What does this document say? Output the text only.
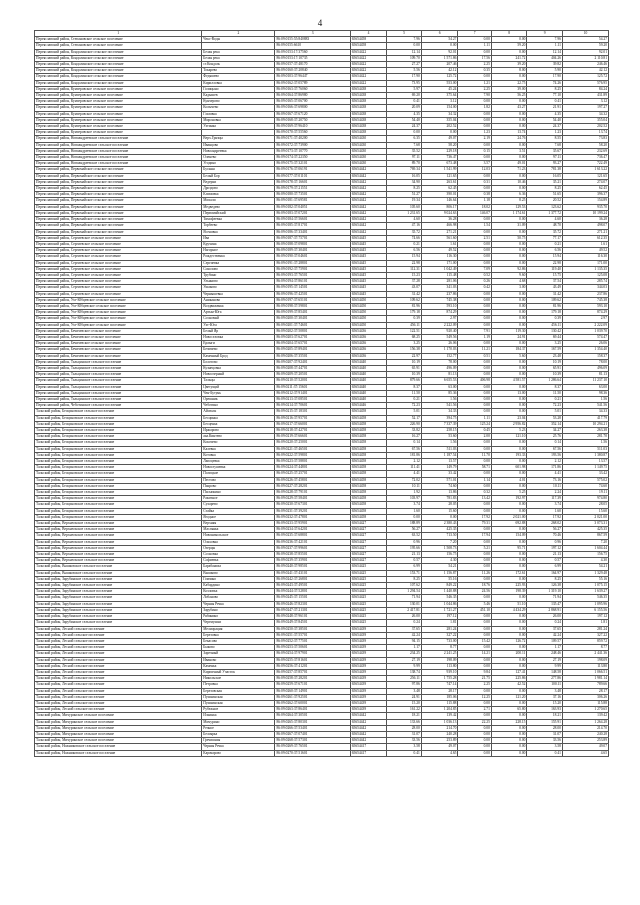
4
1	2	3	4	5	6	7	8	9	10
Переяславский район, Степановское сельское поселение	Чекс-Воды	86:09:0155:55:840883	65654458	7.96	54.27	0.00	0.00	7.96	54.27
Переяславский район, Степановское сельское поселение		86:09:0155:6610	65654458	0.00	0.00	1.11	59.20	1.11	59.20
Переяславский район, Кондолинское сельское поселение	Белая река	86:09:0153:17:37560	65654422	12.14	92.01	0.00	0.00	12.14	92.01
Переяславский район, Кондолинское сельское поселение	Белая река	86:09:0153:17:10735	65654422	109.70	1 571.86	17.56	241.72	404.26	2 110.81
Переяславский район, Кондолинское сельское поселение	ст.Кондоль	86:09:0157:37:48170	65654422	27.27	207.46	2.25	39.20	39.82	246.46
Переяславский район, Кондолинское сельское поселение	Токарево	86:09:0160:37:20840	65654422	5.56	42.12	0.35	8.00	5.90	42.12
Переяславский район, Кондолинское сельское поселение	Федяшево	86:09:0103:37:96447	65654422	17.90	125.72	0.00	0.00	17.90	125.72
Переяславский район, Кондолинское сельское поселение	Кирилловка	86:09:0162:37:05789	65654422	73.95	553.00	1.21	22.75	74.26	576.95
Переяславский район, Кунчеровское сельское поселение	Голицыно	86:09:0163:37:76060	65654438	5.97	45.24	2.25	39.00	8.25	84.24
Переяславский район, Кунчеровское сельское поселение	Кадышев	86:09:0164:37:86980	65654438	69.20	375.64	7.90	56.25	77.10	431.89
Переяславский район, Кунчеровское сельское поселение	Кунчерово	86:09:0165:37:06700	65654438	0.41	3.12	0.00	0.00	0.41	3.12
Переяславский район, Кунчеровское сельское поселение	Колычево	86:09:0166:37:69800	65654438	20.09	154.00	1.82	43.27	21.91	197.27
Переяславский район, Кунчеровское сельское поселение	Глазовка	86:09:0167:37:67120	65654438	4.35	34.32	0.00	0.00	4.35	34.32
Переяславский район, Кунчеровское сельское поселение	Мироновка	86:09:0168:37:20750	65654438	54.40	355.04	0.00	0.00	54.40	355.04
Переяславский район, Кунчеровское сельское поселение	Ухтинка	86:09:0169:37:96410	65654438	24.37	202.52	0.00	0.00	24.37	202.52
Переяславский район, Кунчеровское сельское поселение		86:09:0170:37:55560	65654438	0.00	0.00	1.23	13.74	1.23	13.74
Переяславский район, Новоандреевское сельское поселение	Верх.Грязцы	86:09:0171:37:40200	65654430	6.35	49.07	2.19	24.76	8.55	73.83
Переяславский район, Новоандреевское сельское поселение	Иванцово	86:09:0172:37:73900	65654430	7.68	58.20	0.00	0.00	7.68	58.20
Переяславский район, Новоандреевское сельское поселение	Новоандреевка	86:09:0173:37:10770	65654430	35.52	229.18	0.15	3.51	35.67	232.69
Переяславский район, Новоандреевское сельское поселение	Оленево	86:09:0174:37:22350	65654430	97.11	736.47	0.00	0.00	97.11	736.47
Переяславский район, Новоандреевское сельское поселение	Угодино	86:09:0175:37:32101	65654430	89.70	673.48	3.57	49.01	93.27	722.49
Переяславский район, Первомайское сельское поселение	Бусыня	86:09:0176:37:06191	65654442	769.34	1 541.99	12.03	71.23	781.38	1 613.22
Переяславский район, Первомайское сельское поселение	Белый Бор	86:09:0177:37:01101	65654442	16.05	121.65	0.00	0.00	16.05	121.65
Переяславский район, Первомайское сельское поселение	Ведерки	86:09:0178:37:16601	65654442	34.90	263.61	0.31	10.46	35.21	274.07
Переяславский район, Первомайское сельское поселение	Дроздово	86:09:0179:37:21551	65654442	8.25	62.45	0.00	0.00	8.25	62.45
Переяславский район, Первомайское сельское поселение	Климовка	86:09:0180:37:73501	65654442	51.27	390.01	0.38	6.36	51.65	396.37
Переяславский район, Первомайское сельское поселение	Михали	86:09:0181:37:69581	65654442	19.34	146.64	1.18	8.25	20.52	154.89
Переяславский район, Первомайское сельское поселение	Медведево	86:09:0182:37:04051	65654442	105.60	806.17	18.02	129.53	123.62	935.70
Переяславский район, Первомайское сельское поселение	Первомайский	86:09:0183:37:07201	65654442	1 231.65	9 024.63	146.07	1 174.61	1 377.72	10 199.24
Переяславский район, Первомайское сельское поселение	Тимофеевка	86:09:0184:37:56601	65654442	4.60	36.28	0.00	0.00	4.60	36.28
Переяславский район, Первомайское сельское поселение	Торбеево	86:09:0185:37:81701	65654442	47.16	466.98	1.54	31.09	48.70	498.07
Переяславский район, Первомайское сельское поселение	Ясеновка	86:09:0186:37:33401	65654442	35.72	271.21	0.00	0.00	35.72	271.21
Переяславский район, Сергиевское сельское поселение	Ива	86:09:0187:37:75701	65654445	74.66	561.60	2.51	50.75	77.17	612.35
Переяславский район, Сергиевское сельское поселение	Кручина	86:09:0188:37:09801	65654445	0.21	1.61	0.00	0.00	0.21	1.61
Переяславский район, Сергиевское сельское поселение	Нагорное	86:09:0189:37:30401	65654445	6.56	49.52	0.00	0.00	6.56	49.52
Переяславский район, Сергиевское сельское поселение	Рождественка	86:09:0190:37:04601	65654445	15.94	116.30	0.00	0.00	15.94	116.30
Переяславский район, Сергиевское сельское поселение	Сергиевка	86:09:0191:37:28801	65654445	22.98	171.00	0.00	0.00	22.98	171.00
Переяславский район, Сергиевское сельское поселение	Соколово	86:09:0192:37:75901	65654445	112.31	1 042.49	7.09	92.86	119.40	1 135.35
Переяславский район, Сергиевское сельское поселение	Трубино	86:09:0193:37:76501	65654445	15.23	115.48	0.52	9.60	15.75	125.08
Переяславский район, Сергиевское сельское поселение	Ульяново	86:09:0194:37:86101	65654445	37.28	281.06	0.26	4.68	37.54	285.74
Переяславский район, Сергиевское сельское поселение	Ушаково	86:09:0195:37:14501	65654445	43.07	341.03	0.42	3.00	43.49	344.03
Переяславский район, Сергиевское сельское поселение	Чернышевка	86:09:0196:37:42501	65654445	31.42	237.86	0.00	0.00	31.42	237.86
Переяславский район, Ухт-Юбцевское сельское поселение	Аниканово	86:09:0197:37:65101	65654450	109.62	745.38	0.00	0.00	109.62	745.38
Переяславский район, Ухт-Юбцевское сельское поселение	Воздвиженка	86:09:0198:37:59801	65654450	81.96	593.10	0.00	0.00	81.96	593.10
Переяславский район, Ухт-Юбцевское сельское поселение	Артын-Юга	86:09:0199:37:85401	65654450	179.18	874.29	0.00	0.00	179.18	874.29
Переяславский район, Ухт-Юбцевское сельское поселение	Сосновый	86:09:0200:37:30401	65654450	0.39	2.97	0.00	0.00	0.39	2.97
Переяславский район, Ухт-Юбцевское сельское поселение	Ухт-Юга	86:09:0201:37:74601	65654450	456.11	2 222.09	0.00	0.00	456.11	2 222.09
Переяславский район, Бечичевское сельское поселение	Белый Яр	86:09:0202:37:50801	65654436	122.51	920.40	7.91	119.30	130.42	1 039.70
Переяславский район, Бечичевское сельское поселение	Новоселовка	86:09:0203:37:62701	65654436	68.25	549.56	1.19	24.91	69.44	574.47
Переяславский район, Бечичевское сельское поселение	Ерлыги	86:09:0204:37:65701	65654436	3.25	26.06	0.00	0.00	3.25	26.06
Переяславский район, Бечичевское сельское поселение	Бечичево	86:09:0205:37:89401	65654436	156.38	1 170.03	11.21	184.37	167.59	1 354.40
Переяславский район, Бечичевское сельское поселение	Каменный Брод	86:09:0206:37:35501	65654436	22.97	152.77	0.51	5.60	23.48	158.37
Переяславский район, Тальцинское сельское поселение	Болотово	86:09:0207:37:92401	65654440	10.19	78.00	0.00	0.00	10.19	78.00
Переяславский район, Тальцинское сельское поселение	Кузнецовка	86:09:0208:37:44701	65654440	65.91	496.09	0.00	0.00	65.91	496.09
Переяславский район, Тальцинское сельское поселение	Новоозерный	86:09:0209:37:20501	65654440	10.39	81.13	0.00	0.00	10.39	81.13
Переяславский район, Тальцинское сельское поселение	Тальцы	86:09:0210:37:52001	65654440	879.66	6 655.53	406.98	4 581.57	1 286.64	11 237.10
Переяславский район, Тальцинское сельское поселение	Цветущий	86:09:0211:37:15601	65654440	8.37	63.00	0.00	0.00	8.37	63.00
Переяславский район, Тальцинское сельское поселение	Чен-Бутунь	86:09:0212:37:91401	65654440	11.50	85.36	0.00	13.00	11.50	98.36
Переяславский район, Тальцинское сельское поселение	Орешник	86:09:0213:37:08501	65654440	0.21	1.56	0.00	0.00	0.21	1.56
Переяславский район, Чеботинское сельское поселение	Чеботино	86:09:0214:37:70601	65654446	72.23	541.56	0.00	0.00	72.23	541.56
Тальский район, Бесциновское сельское поселение	Айсвалк	86:09:0215:37:18301	65654458	5.01	34.33	0.00	0.00	5.01	34.33
Тальский район, Бесциновское сельское поселение	Бесцинка	86:09:0216:37:95701	65654458	52.17	394.75	1.11	23.04	53.28	417.79
Тальский район, Бесциновское сельское поселение	Бесценка	86:09:0217:37:66001	65654458	226.90	7 337.39	125.24	2 956.82	352.14	10 294.21
Тальский район, Бесциновское сельское поселение	Иржарово	86:09:0218:37:42701	65654458	33.82	258.15	0.45	5.23	34.27	263.38
Тальский район, Бесциновское сельское поселение	ааа.Кинтево	86:09:0219:37:66601	65654458	16.27	53.60	2.00	121.10	25.76	281.70
Тальский район, Бесциновское сельское поселение	Кокочево	86:09:0220:37:25001	65654458	0.14	1.56	0.00	0.00	0.14	1.56
Тальский район, Бесциновское сельское поселение	Калевка	86:09:0221:37:46501	65654458	67.56	511.03	0.00	0.00	67.56	511.03
Тальский район, Бесциновское сельское поселение	Котовка	86:09:0222:37:59801	65654458	181.86	1 187.54	11.70	193.33	193.56	1 380.87
Тальский район, Бесциновское сельское поселение	Лапоцевка	86:09:0223:37:58801	65654458	2.12	13.57	0.00	0.00	2.12	13.57
Тальский район, Бесциновское сельское поселение	Новоглушевка	86:09:0224:37:44801	65654458	111.41	149.79	58.71	601.98	171.86	1 149.75
Тальский район, Бесциновское сельское поселение	Полоцкое	86:09:0225:37:25701	65654458	4.41	33.42	0.00	0.00	4.41	33.42
Тальский район, Бесциновское сельское поселение	Пестово	86:09:0226:37:45801	65654458	72.02	571.01	1.14	4.01	73.16	575.02
Тальский район, Бесциновское сельское поселение	Пакрово	86:09:0227:37:28201	65654458	10.11	74.60	0.00	0.00	10.11	74.60
Тальский район, Бесциновское сельское поселение	Пасыпкино	86:09:0228:37:79101	65654458	1.92	13.86	0.32	5.25	2.24	19.11
Тальский район, Бесциновское сельское поселение	Ракитное	86:09:0229:37:58401	65654458	103.97	781.83	13.42	192.97	117.39	974.80
Тальский район, Бесциновское сельское поселение	Сухарево	86:09:0230:37:67301	65654458	3.74	28.05	0.00	0.00	3.74	28.05
Тальский район, Бесциновское сельское поселение	Стайка	86:09:0231:37:39201	65654458	1.60	15.60	0.00	0.00	1.60	15.60
Тальский район, Бесциновское сельское поселение	Ягодное	86:09:0232:37:47801	65654458	0.00	0.00	17.92	2 021.00	17.92	2 021.00
Тальский район, Верхнеокское сельское поселение	Верхняя	86:09:0233:37:95901	65654427	188.89	2 380.43	79.31	692.88	268.02	3 073.31
Тальский район, Верхнеокское сельское поселение	Маслянка	86:09:0234:37:64201	65654427	56.27	425.35	0.00	0.00	56.27	425.35
Тальский район, Верхнеокское сельское поселение	Новоникольское	86:09:0235:37:68801	65654427	63.52	713.50	17.94	154.09	70.46	867.59
Тальский район, Верхнеокское сельское поселение	Ольховка	86:09:0236:37:42101	65654427	0.96	7.20	0.00	0.00	0.96	7.20
Тальский район, Верхнеокское сельское поселение	Озерцы	86:09:0237:37:99601	65654427	195.66	1 508.73	5.21	95.71	197.12	1 604.44
Тальский район, Верхнеокское сельское поселение	Сосновка	86:09:0238:37:85501	65654427	21.13	156.75	0.00	0.00	21.13	156.75
Тальский район, Верхнеокское сельское поселение	Софиевка	86:09:0239:37:35901	65654427	0.57	4.30	0.00	0.00	0.57	4.30
Тальский район, Вышковское сельское поселение	Барабаниха	86:09:0240:37:98501	65654425	6.99	54.21	0.00	0.00	6.99	54.21
Тальский район, Вышковское сельское поселение	Вышково	86:09:0241:37:43101	65654425	153.71	1 156.87	11.26	172.61	164.97	1 329.48
Тальский район, Зарубинское сельское поселение	Гомзино	86:09:0242:37:26801	65654425	8.25	55.16	0.00	0.00	8.25	55.16
Тальский район, Зарубинское сельское поселение	Кабардино	86:09:0243:37:49501	65654425	107.62	849.22	18.76	225.93	126.38	1 075.15
Тальский район, Зарубинское сельское поселение	Козловка	86:09:0244:37:52801	65654425	1 294.54	1 440.88	24.56	198.39	1 319.10	1 639.27
Тальский район, Зарубинское сельское поселение	Лобаново	86:09:0245:37:15501	65654425	71.94	546.35	0.00	0.00	71.94	546.35
Тальский район, Зарубинское сельское поселение	Черная Речка	86:09:0246:37:82301	65654425	130.01	1 044.86	5.46	51.10	135.47	1 095.96
Тальский район, Зарубинское сельское поселение	Зарубино	86:09:0247:37:21301	65654425	2 417.81	1 721.27	451.10	4 434.29	2 868.91	6 155.56
Тальский район, Зарубинское сельское поселение	Рябинино	86:09:0248:37:96101	65654425	26.00	197.12	0.00	0.00	26.00	197.12
Тальский район, Зарубинское сельское поселение	Черемушки	86:09:0249:37:84501	65654425	0.24	1.81	0.00	0.00	0.24	1.81
Тальский район, Лесной сельское поселение	Мелиорация	86:09:0250:37:38501	65654439	37.65	281.24	0.00	0.00	37.65	281.24
Тальский район, Лесной сельское поселение	Березовка	86:09:0251:37:55701	65654439	42.24	327.22	0.00	0.00	42.24	327.22
Тальский район, Лесной сельское поселение	Бекасово	86:09:0252:37:77501	65654439	94.15	733.00	15.42	126.72	109.57	859.72
Тальский район, Лесной сельское поселение	Быково	86:09:0253:37:50601	65654439	1.17	8.77	0.00	0.00	1.17	8.77
Тальский район, Лесной сельское поселение	Заречный	86:09:0254:37:97901	65654439	234.25	2 241.25	14.21	200.11	248.46	2 441.36
Тальский район, Лесной сельское поселение	Иваново	86:09:0255:37:81601	65654439	27.19	198.09	0.00	0.00	27.19	198.09
Тальский район, Лесной сельское поселение	Каменка	86:09:0256:37:41201	65654439	9.99	113.80	0.00	0.00	9.99	113.80
Тальский район, Лесной сельское поселение	Кирпичный Участок	86:09:0257:37:85701	65654439	138.74	939.10	9.84	127.41	148.58	1 066.51
Тальский район, Лесной сельское поселение	Никольское	86:09:0258:37:28201	65654439	256.11	1 755.28	21.75	225.86	277.86	1 981.14
Тальский район, Лесной сельское поселение	Петровка	86:09:0259:37:67101	65654439	97.86	747.14	2.25	42.52	100.11	789.66
Тальский район, Лесной сельское поселение	Березовская	86:09:0260:37:14901	65654439	3.48	28.17	0.00	0.00	3.48	28.17
Тальский район, Лесной сельское поселение	Пушкинская	86:09:0261:37:92501	65654439	24.91	185.06	12.25	121.20	37.16	306.26
Тальский район, Лесной сельское поселение	Пушкинская	86:09:0262:37:60001	65654439	15.20	115.88	0.00	0.00	15.20	115.88
Тальский район, Лесной сельское поселение	Рубежное	86:09:0263:37:86401	65654439	161.22	1 204.85	2.71	65.80	163.93	1 270.65
Тальский район, Мичуринское сельское поселение	Ильинка	86:09:0264:37:30501	65654442	18.21	139.42	0.00	0.00	18.21	139.42
Тальский район, Мичуринское сельское поселение	Мичурино	86:09:0265:37:80301	65654442	133.66	1 036.13	22.25	228.15	155.91	1 264.28
Тальский район, Мичуринское сельское поселение	Речное	86:09:0266:37:53401	65654442	28.00	214.70	0.00	0.00	28.00	214.70
Тальский район, Мичуринское сельское поселение	Белоярка	86:09:0267:37:07401	65654442	31.07	240.28	0.00	0.00	31.07	240.28
Тальский район, Мичуринское сельское поселение	Гречишная	86:09:0268:37:57301	65654442	33.56	253.89	0.00	0.00	33.56	253.89
Тальский район, Ножниковское сельское поселение	Черная Речка	86:09:0269:37:76501	65654417	3.58	49.07	0.00	0.00	3.58	49.07
Тальский район, Ножниковское сельское поселение	Карачарово	86:09:0270:37:51601	65654417	0.41	4.65	0.00	0.00	0.41	4.65
